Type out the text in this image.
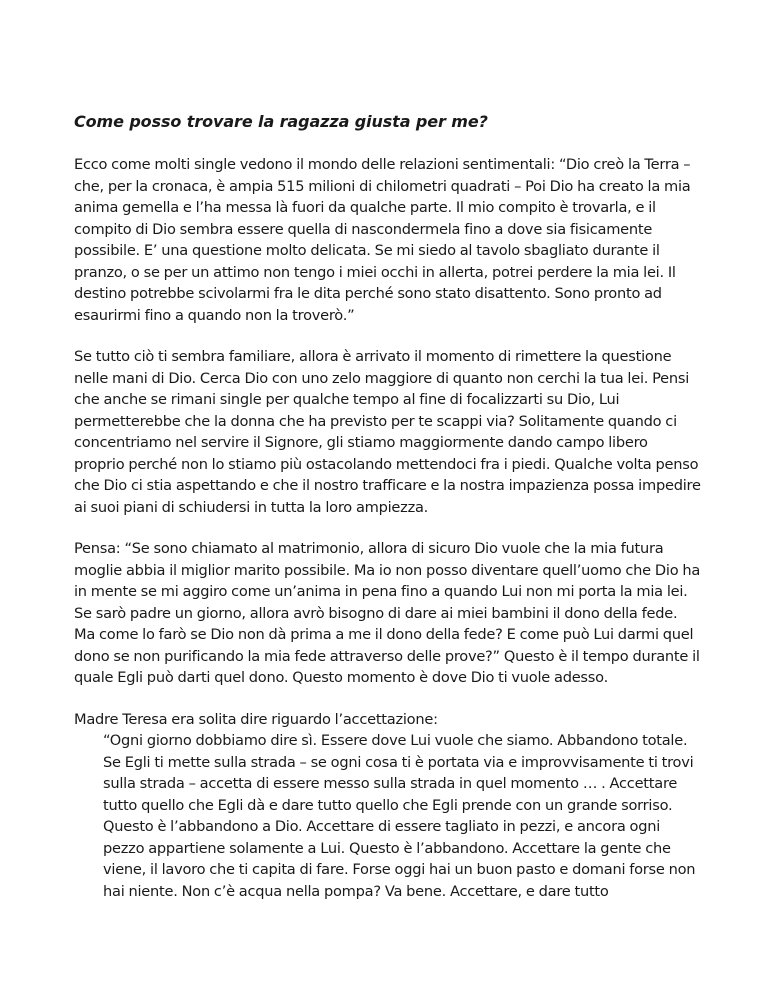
Come posso trovare la ragazza giusta per me?

Ecco come molti single vedono il mondo delle relazioni sentimentali: “Dio creò la Terra – che, per la cronaca, è ampia 515 milioni di chilometri quadrati – Poi Dio ha creato la mia anima gemella e l’ha messa là fuori da qualche parte. Il mio compito è trovarla, e il compito di Dio sembra essere quella di nascondermela fino a dove sia fisicamente possibile. E’ una questione molto delicata. Se mi siedo al tavolo sbagliato durante il pranzo, o se per un attimo non tengo i miei occhi in allerta, potrei perdere la mia lei. Il destino potrebbe scivolarmi fra le dita perché sono stato disattento. Sono pronto ad esaurirmi fino a quando non la troverò.”

Se tutto ciò ti sembra familiare, allora è arrivato il momento di rimettere la questione nelle mani di Dio. Cerca Dio con uno zelo maggiore di quanto non cerchi la tua lei. Pensi che anche se rimani single per qualche tempo al fine di focalizzarti su Dio, Lui permetterebbe che la donna che ha previsto per te scappi via? Solitamente quando ci concentriamo nel servire il Signore, gli stiamo maggiormente dando campo libero proprio perché non lo stiamo più ostacolando mettendoci fra i piedi. Qualche volta penso che Dio ci stia aspettando e che il nostro trafficare e la nostra impazienza possa impedire ai suoi piani di schiudersi in tutta la loro ampiezza.

Pensa: “Se sono chiamato al matrimonio, allora di sicuro Dio vuole che la mia futura moglie abbia il miglior marito possibile. Ma io non posso diventare quell’uomo che Dio ha in mente se mi aggiro come un’anima in pena fino a quando Lui non mi porta la mia lei. Se sarò padre un giorno, allora avrò bisogno di dare ai miei bambini il dono della fede. Ma come lo farò se Dio non dà prima a me il dono della fede? E come può Lui darmi quel dono se non purificando la mia fede attraverso delle prove?” Questo è il tempo durante il quale Egli può darti quel dono. Questo momento è dove Dio ti vuole adesso.

Madre Teresa era solita dire riguardo l’accettazione:

“Ogni giorno dobbiamo dire sì. Essere dove Lui vuole che siamo. Abbandono totale. Se Egli ti mette sulla strada – se ogni cosa ti è portata via e improvvisamente ti trovi sulla strada – accetta di essere messo sulla strada in quel momento … . Accettare tutto quello che Egli dà e dare tutto quello che Egli prende con un grande sorriso. Questo è l’abbandono a Dio. Accettare di essere tagliato in pezzi, e ancora ogni pezzo appartiene solamente a Lui. Questo è l’abbandono. Accettare la gente che viene, il lavoro che ti capita di fare. Forse oggi hai un buon pasto e domani forse non hai niente. Non c’è acqua nella pompa? Va bene. Accettare, e dare tutto
